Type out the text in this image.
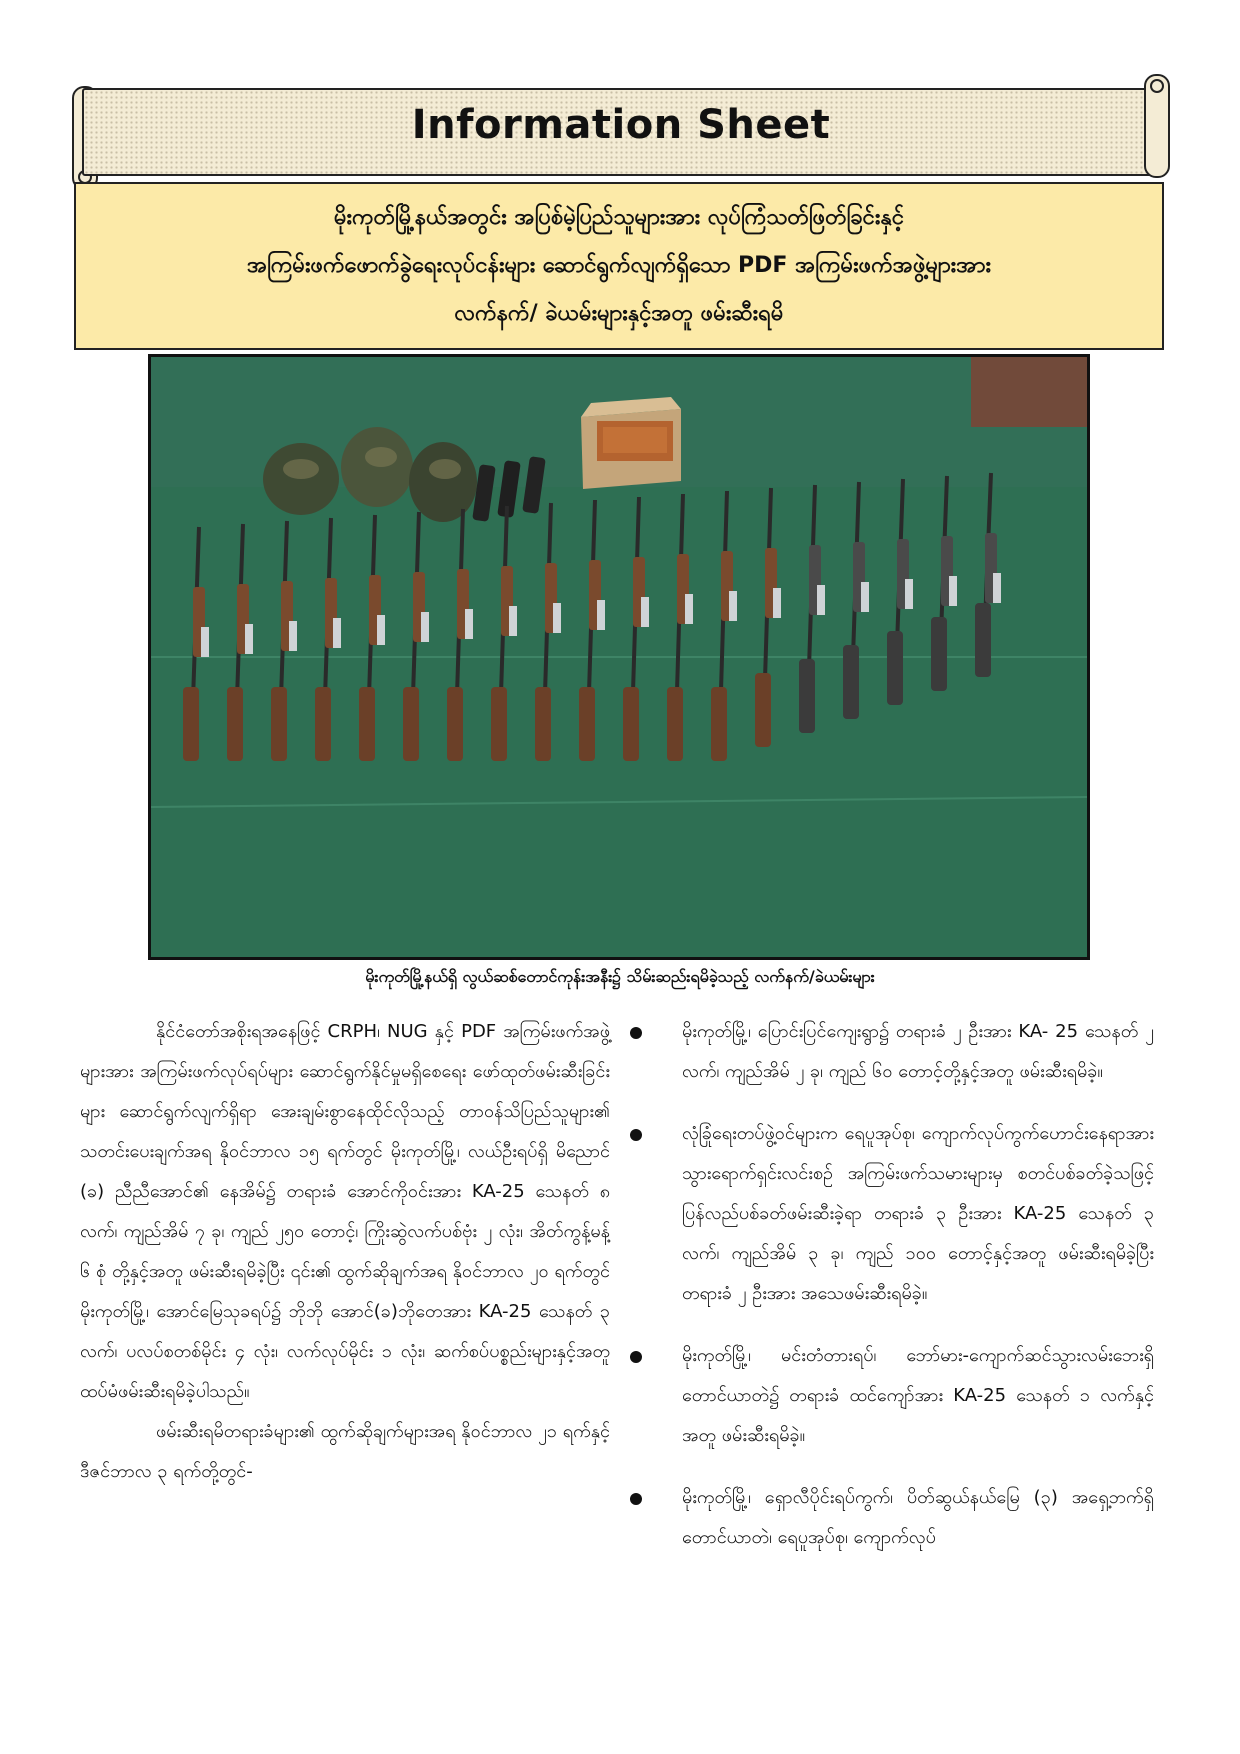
Information Sheet
မိုးကုတ်မြို့နယ်အတွင်း အပြစ်မဲ့ပြည်သူများအား လုပ်ကြံသတ်ဖြတ်ခြင်းနှင့်
အကြမ်းဖက်ဖောက်ခွဲရေးလုပ်ငန်းများ ဆောင်ရွက်လျက်ရှိသော PDF အကြမ်းဖက်အဖွဲ့များအား
လက်နက်/ ခဲယမ်းများနှင့်အတူ ဖမ်းဆီးရမိ
မိုးကုတ်မြို့နယ်ရှိ လွယ်ဆစ်တောင်ကုန်းအနီး၌ သိမ်းဆည်းရမိခဲ့သည့် လက်နက်/ခဲယမ်းများ

နိုင်ငံတော်အစိုးရအနေဖြင့် CRPH၊ NUG နှင့် PDF အကြမ်းဖက်အဖွဲ့များအား အကြမ်းဖက်လုပ်ရပ်များ ဆောင်ရွက်နိုင်မှုမရှိစေရေး ဖော်ထုတ်ဖမ်းဆီးခြင်းများ ဆောင်ရွက်လျက်ရှိရာ အေးချမ်းစွာနေထိုင်လိုသည့် တာဝန်သိပြည်သူများ၏ သတင်းပေးချက်အရ နိုဝင်ဘာလ ၁၅ ရက်တွင် မိုးကုတ်မြို့၊ လယ်ဦးရပ်ရှိ မိညောင် (ခ) ညီညီအောင်၏ နေအိမ်၌ တရားခံ အောင်ကိုဝင်းအား KA-25 သေနတ် ၈ လက်၊ ကျည်အိမ် ၇ ခု၊ ကျည် ၂၅၀ တောင့်၊ ကြိုးဆွဲလက်ပစ်ဗုံး ၂ လုံး၊ အိတ်ကွန့်မန့် ၆ စုံ တို့နှင့်အတူ ဖမ်းဆီးရမိခဲ့ပြီး ၎င်း၏ ထွက်ဆိုချက်အရ နိုဝင်ဘာလ ၂၀ ရက်တွင် မိုးကုတ်မြို့၊ အောင်မြေသုခရပ်၌ ဘိုဘို အောင်(ခ)ဘိုတေအား KA-25 သေနတ် ၃ လက်၊ ပလပ်စတစ်မိုင်း ၄ လုံး၊ လက်လုပ်မိုင်း ၁ လုံး၊ ဆက်စပ်ပစ္စည်းများနှင့်အတူ ထပ်မံဖမ်းဆီးရမိခဲ့ပါသည်။

ဖမ်းဆီးရမိတရားခံများ၏ ထွက်ဆိုချက်များအရ နိုဝင်ဘာလ ၂၁ ရက်နှင့် ဒီဇင်ဘာလ ၃ ရက်တို့တွင်-

မိုးကုတ်မြို့၊ ပြောင်းပြင်ကျေးရွာ၌ တရားခံ ၂ ဦးအား KA- 25 သေနတ် ၂ လက်၊ ကျည်အိမ် ၂ ခု၊ ကျည် ၆၀ တောင့်တို့နှင့်အတူ ဖမ်းဆီးရမိခဲ့။
လုံခြုံရေးတပ်ဖွဲ့ဝင်များက ရေပူအုပ်စု၊ ကျောက်လုပ်ကွက်ဟောင်းနေရာအား သွားရောက်ရှင်းလင်းစဉ် အကြမ်းဖက်သမားများမှ စတင်ပစ်ခတ်ခဲ့သဖြင့် ပြန်လည်ပစ်ခတ်ဖမ်းဆီးခဲ့ရာ တရားခံ ၃ ဦးအား KA-25 သေနတ် ၃ လက်၊ ကျည်အိမ် ၃ ခု၊ ကျည် ၁၀၀ တောင့်နှင့်အတူ ဖမ်းဆီးရမိခဲ့ပြီး တရားခံ ၂ ဦးအား အသေဖမ်းဆီးရမိခဲ့။
မိုးကုတ်မြို့၊ မင်းတံတားရပ်၊ ဘော်မား-ကျောက်ဆင်သွားလမ်းဘေးရှိ တောင်ယာတဲ၌ တရားခံ ထင်ကျော်အား KA-25 သေနတ် ၁ လက်နှင့်အတူ ဖမ်းဆီးရမိခဲ့။
မိုးကုတ်မြို့၊ ရှောလီပိုင်းရပ်ကွက်၊ ပိတ်ဆွယ်နယ်မြေ (၃) အရှေ့ဘက်ရှိ တောင်ယာတဲ၊ ရေပူအုပ်စု၊ ကျောက်လုပ်
